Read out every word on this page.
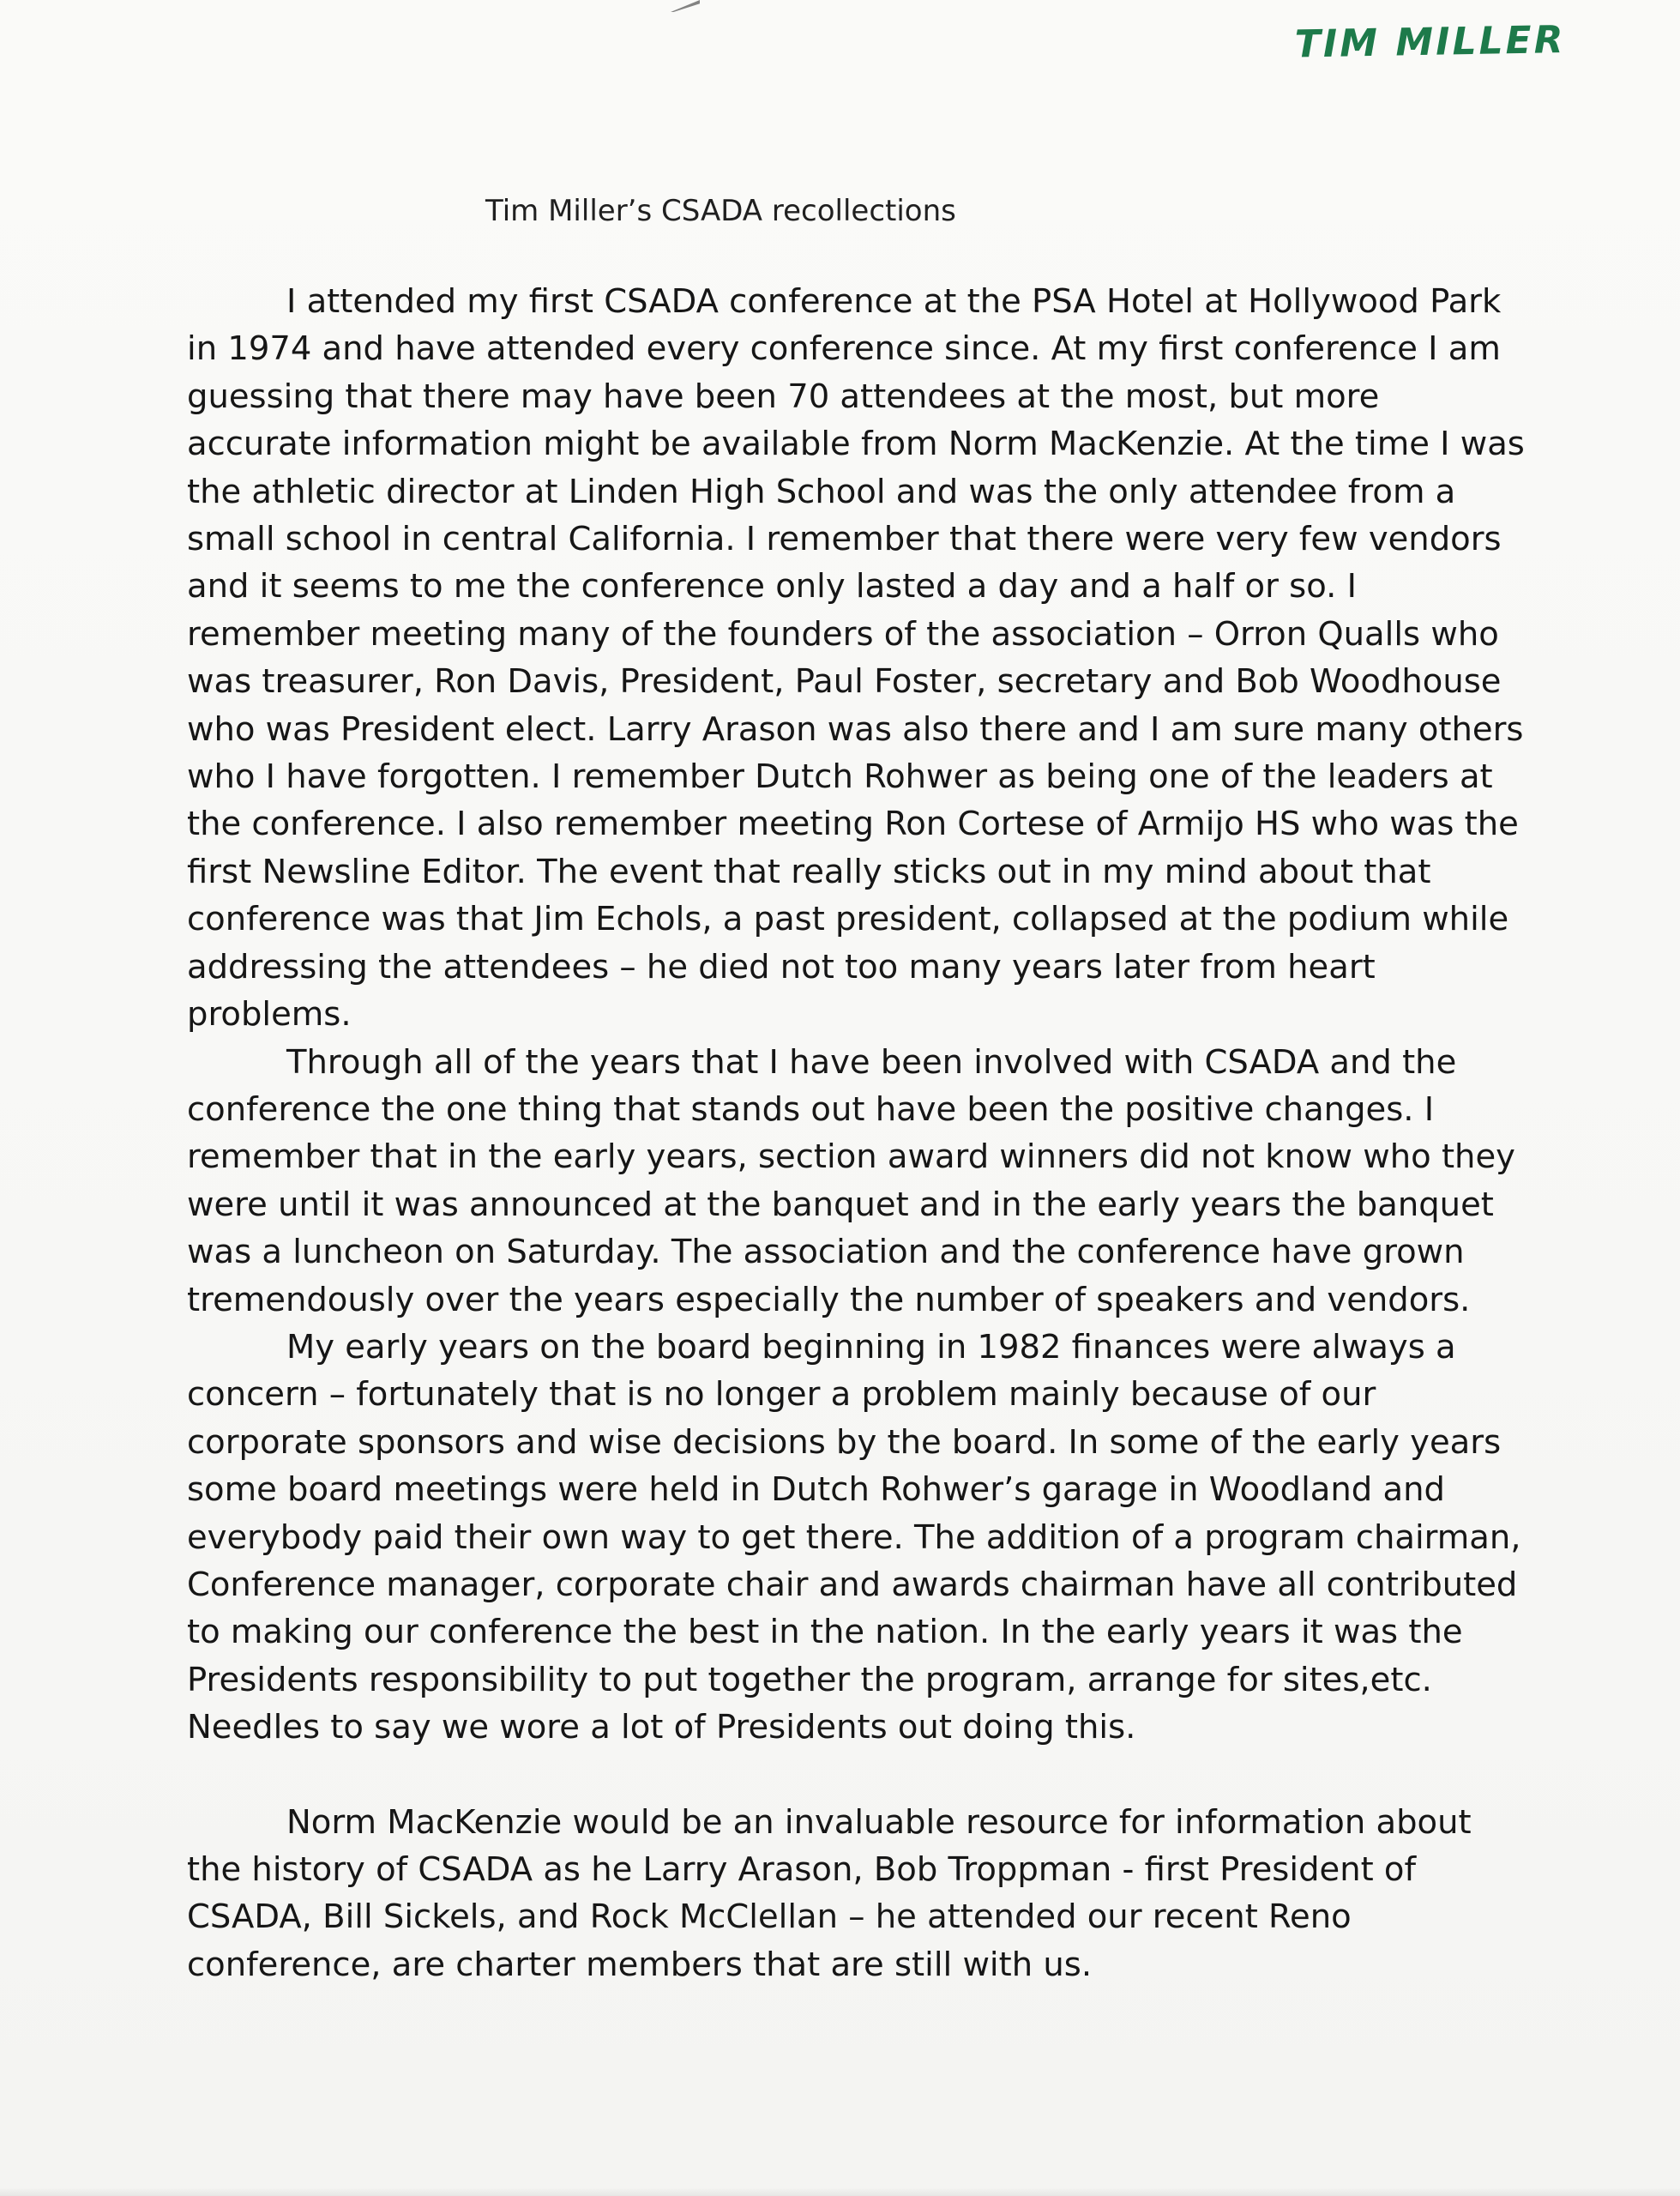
TIM MILLER
Tim Miller’s CSADA recollections

I attended my first CSADA conference at the PSA Hotel at Hollywood Park in 1974 and have attended every conference since. At my first conference I am guessing that there may have been 70 attendees at the most, but more accurate information might be available from Norm MacKenzie. At the time I was the athletic director at Linden High School and was the only attendee from a small school in central California. I remember that there were very few vendors and it seems to me the conference only lasted a day and a half or so. I remember meeting many of the founders of the association – Orron Qualls who was treasurer, Ron Davis, President, Paul Foster, secretary and Bob Woodhouse who was President elect. Larry Arason was also there and I am sure many others who I have forgotten. I remember Dutch Rohwer as being one of the leaders at the conference. I also remember meeting Ron Cortese of Armijo HS who was the first Newsline Editor. The event that really sticks out in my mind about that conference was that Jim Echols, a past president, collapsed at the podium while addressing the attendees – he died not too many years later from heart problems.

Through all of the years that I have been involved with CSADA and the conference the one thing that stands out have been the positive changes. I remember that in the early years, section award winners did not know who they were until it was announced at the banquet and in the early years the banquet was a luncheon on Saturday. The association and the conference have grown tremendously over the years especially the number of speakers and vendors.

My early years on the board beginning in 1982 finances were always a concern – fortunately that is no longer a problem mainly because of our corporate sponsors and wise decisions by the board. In some of the early years some board meetings were held in Dutch Rohwer’s garage in Woodland and everybody paid their own way to get there. The addition of a program chairman, Conference manager, corporate chair and awards chairman have all contributed to making our conference the best in the nation. In the early years it was the Presidents responsibility to put together the program, arrange for sites,etc. Needles to say we wore a lot of Presidents out doing this.

Norm MacKenzie would be an invaluable resource for information about the history of CSADA as he Larry Arason, Bob Troppman - first President of CSADA, Bill Sickels, and Rock McClellan – he attended our recent Reno conference, are charter members that are still with us.
